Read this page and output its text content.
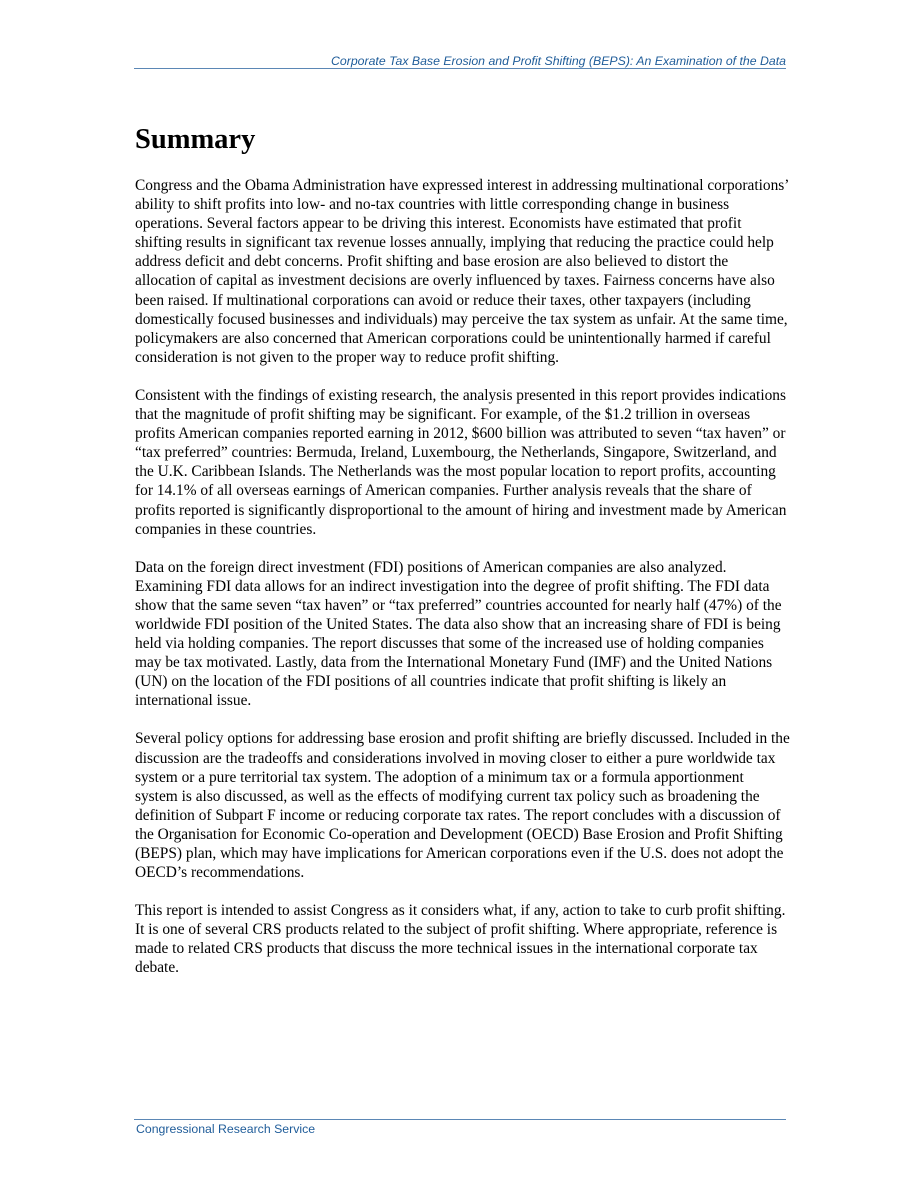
Corporate Tax Base Erosion and Profit Shifting (BEPS): An Examination of the Data
Summary

Congress and the Obama Administration have expressed interest in addressing multinational corporations’ ability to shift profits into low- and no-tax countries with little corresponding change in business operations. Several factors appear to be driving this interest. Economists have estimated that profit shifting results in significant tax revenue losses annually, implying that reducing the practice could help address deficit and debt concerns. Profit shifting and base erosion are also believed to distort the allocation of capital as investment decisions are overly influenced by taxes. Fairness concerns have also been raised. If multinational corporations can avoid or reduce their taxes, other taxpayers (including domestically focused businesses and individuals) may perceive the tax system as unfair. At the same time, policymakers are also concerned that American corporations could be unintentionally harmed if careful consideration is not given to the proper way to reduce profit shifting.

Consistent with the findings of existing research, the analysis presented in this report provides indications that the magnitude of profit shifting may be significant. For example, of the $1.2 trillion in overseas profits American companies reported earning in 2012, $600 billion was attributed to seven “tax haven” or “tax preferred” countries: Bermuda, Ireland, Luxembourg, the Netherlands, Singapore, Switzerland, and the U.K. Caribbean Islands. The Netherlands was the most popular location to report profits, accounting for 14.1% of all overseas earnings of American companies. Further analysis reveals that the share of profits reported is significantly disproportional to the amount of hiring and investment made by American companies in these countries.

Data on the foreign direct investment (FDI) positions of American companies are also analyzed. Examining FDI data allows for an indirect investigation into the degree of profit shifting. The FDI data show that the same seven “tax haven” or “tax preferred” countries accounted for nearly half (47%) of the worldwide FDI position of the United States. The data also show that an increasing share of FDI is being held via holding companies. The report discusses that some of the increased use of holding companies may be tax motivated. Lastly, data from the International Monetary Fund (IMF) and the United Nations (UN) on the location of the FDI positions of all countries indicate that profit shifting is likely an international issue.

Several policy options for addressing base erosion and profit shifting are briefly discussed. Included in the discussion are the tradeoffs and considerations involved in moving closer to either a pure worldwide tax system or a pure territorial tax system. The adoption of a minimum tax or a formula apportionment system is also discussed, as well as the effects of modifying current tax policy such as broadening the definition of Subpart F income or reducing corporate tax rates. The report concludes with a discussion of the Organisation for Economic Co-operation and Development (OECD) Base Erosion and Profit Shifting (BEPS) plan, which may have implications for American corporations even if the U.S. does not adopt the OECD’s recommendations.

This report is intended to assist Congress as it considers what, if any, action to take to curb profit shifting. It is one of several CRS products related to the subject of profit shifting. Where appropriate, reference is made to related CRS products that discuss the more technical issues in the international corporate tax debate.

Congressional Research Service
